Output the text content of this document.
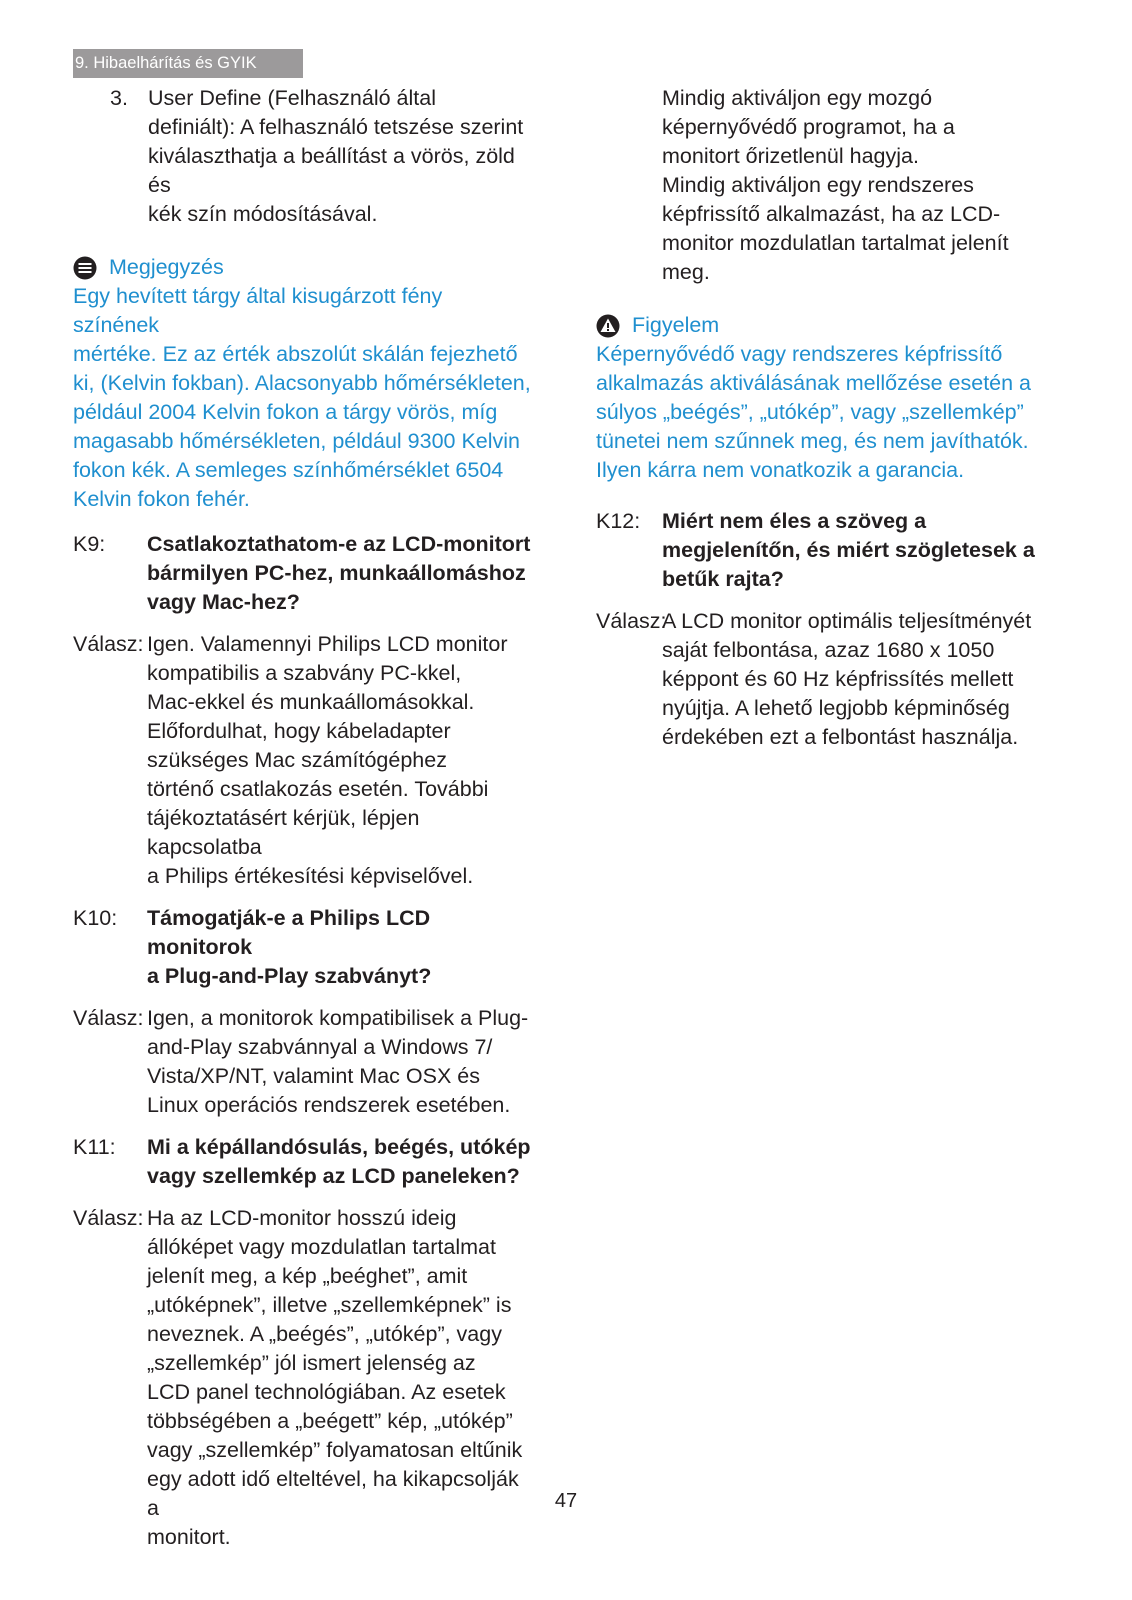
9. Hibaelhárítás és GYIK
3. User Define (Felhasználó által
definiált): A felhasználó tetszése szerint
kiválaszthatja a beállítást a vörös, zöld és
kék szín módosításával.
Megjegyzés
Egy hevített tárgy által kisugárzott fény színének
mértéke. Ez az érték abszolút skálán fejezhető
ki, (Kelvin fokban). Alacsonyabb hőmérsékleten,
például 2004 Kelvin fokon a tárgy vörös, míg
magasabb hőmérsékleten, például 9300 Kelvin
fokon kék. A semleges színhőmérséklet 6504
Kelvin fokon fehér.
K9:	Csatlakoztathatom-e az LCD-monitort
bármilyen PC-hez, munkaállomáshoz
vagy Mac-hez?
Válasz: Igen. Valamennyi Philips LCD monitor
kompatibilis a szabvány PC-kkel,
Mac-ekkel és munkaállomásokkal.
Előfordulhat, hogy kábeladapter
szükséges Mac számítógéphez
történő csatlakozás esetén. További
tájékoztatásért kérjük, lépjen kapcsolatba
a Philips értékesítési képviselővel.
K10:	Támogatják-e a Philips LCD monitorok
a Plug-and-Play szabványt?
Válasz: Igen, a monitorok kompatibilisek a Plug-
and-Play szabvánnyal a Windows 7/
Vista/XP/NT, valamint Mac OSX és
Linux operációs rendszerek esetében.
K11:	Mi a képállandósulás, beégés, utókép
vagy szellemkép az LCD paneleken?
Válasz: Ha az LCD-monitor hosszú ideig
állóképet vagy mozdulatlan tartalmat
jelenít meg, a kép „beéghet”, amit
„utóképnek”, illetve „szellemképnek” is
neveznek. A „beégés”, „utókép”, vagy
„szellemkép” jól ismert jelenség az
LCD panel technológiában. Az esetek
többségében a „beégett” kép, „utókép”
vagy „szellemkép” folyamatosan eltűnik
egy adott idő elteltével, ha kikapcsolják a
monitort.
Mindig aktiváljon egy mozgó
képernyővédő programot, ha a
monitort őrizetlenül hagyja.
Mindig aktiváljon egy rendszeres
képfrissítő alkalmazást, ha az LCD-
monitor mozdulatlan tartalmat jelenít
meg.
Figyelem
Képernyővédő vagy rendszeres képfrissítő
alkalmazás aktiválásának mellőzése esetén a
súlyos „beégés”, „utókép”, vagy „szellemkép”
tünetei nem szűnnek meg, és nem javíthatók.
Ilyen kárra nem vonatkozik a garancia.
K12:	Miért nem éles a szöveg a
megjelenítőn, és miért szögletesek a
betűk rajta?
Válasz:
A LCD monitor optimális teljesítményét
saját felbontása, azaz 1680 x 1050
képpont és 60 Hz képfrissítés mellett
nyújtja. A lehető legjobb képminőség
érdekében ezt a felbontást használja.
47
